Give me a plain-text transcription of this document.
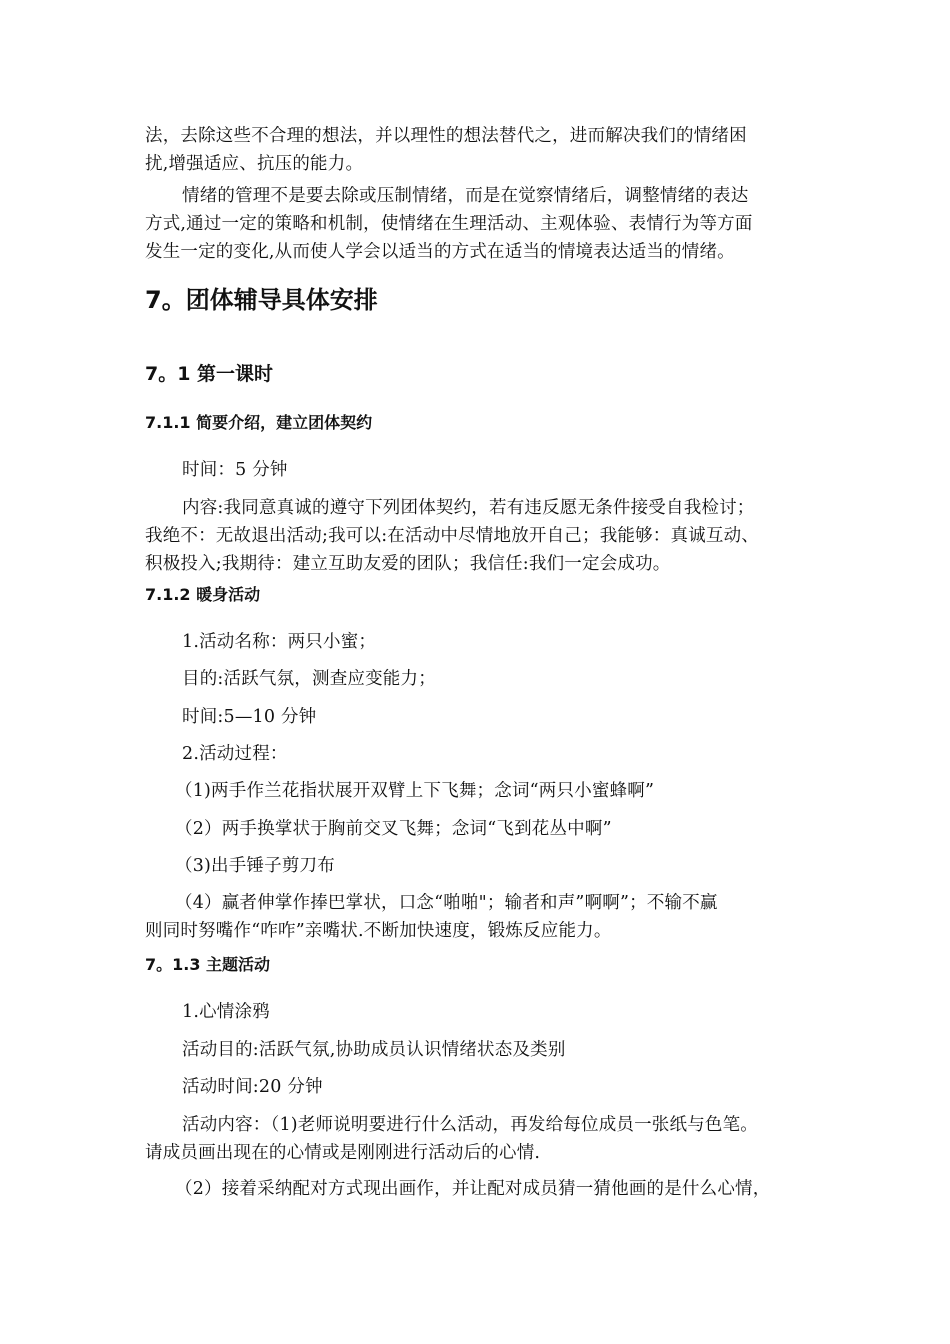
法，去除这些不合理的想法，并以理性的想法替代之，进而解决我们的情绪困
扰,增强适应、抗压的能力。
情绪的管理不是要去除或压制情绪，而是在觉察情绪后，调整情绪的表达
方式,通过一定的策略和机制，使情绪在生理活动、主观体验、表情行为等方面
发生一定的变化,从而使人学会以适当的方式在适当的情境表达适当的情绪。
7。团体辅导具体安排
7。1 第一课时
7.1.1 简要介绍，建立团体契约
时间：5 分钟
内容:我同意真诚的遵守下列团体契约，若有违反愿无条件接受自我检讨；
我绝不：无故退出活动;我可以:在活动中尽情地放开自己；我能够：真诚互动、
积极投入;我期待：建立互助友爱的团队；我信任:我们一定会成功。
7.1.2 暖身活动
1.活动名称：两只小蜜；
目的:活跃气氛，测查应变能力；
时间:5—10 分钟
2.活动过程：
（1)两手作兰花指状展开双臂上下飞舞；念词“两只小蜜蜂啊”
（2）两手换掌状于胸前交叉飞舞；念词“飞到花丛中啊”
（3)出手锤子剪刀布
（4）赢者伸掌作捧巴掌状，口念“啪啪"；输者和声”啊啊”；不输不赢
则同时努嘴作“咋咋”亲嘴状.不断加快速度，锻炼反应能力。
7。1.3 主题活动
1.心情涂鸦
活动目的:活跃气氛,协助成员认识情绪状态及类别
活动时间:20 分钟
活动内容：（1)老师说明要进行什么活动，再发给每位成员一张纸与色笔。
请成员画出现在的心情或是刚刚进行活动后的心情.
（2）接着采纳配对方式现出画作，并让配对成员猜一猜他画的是什么心情，
